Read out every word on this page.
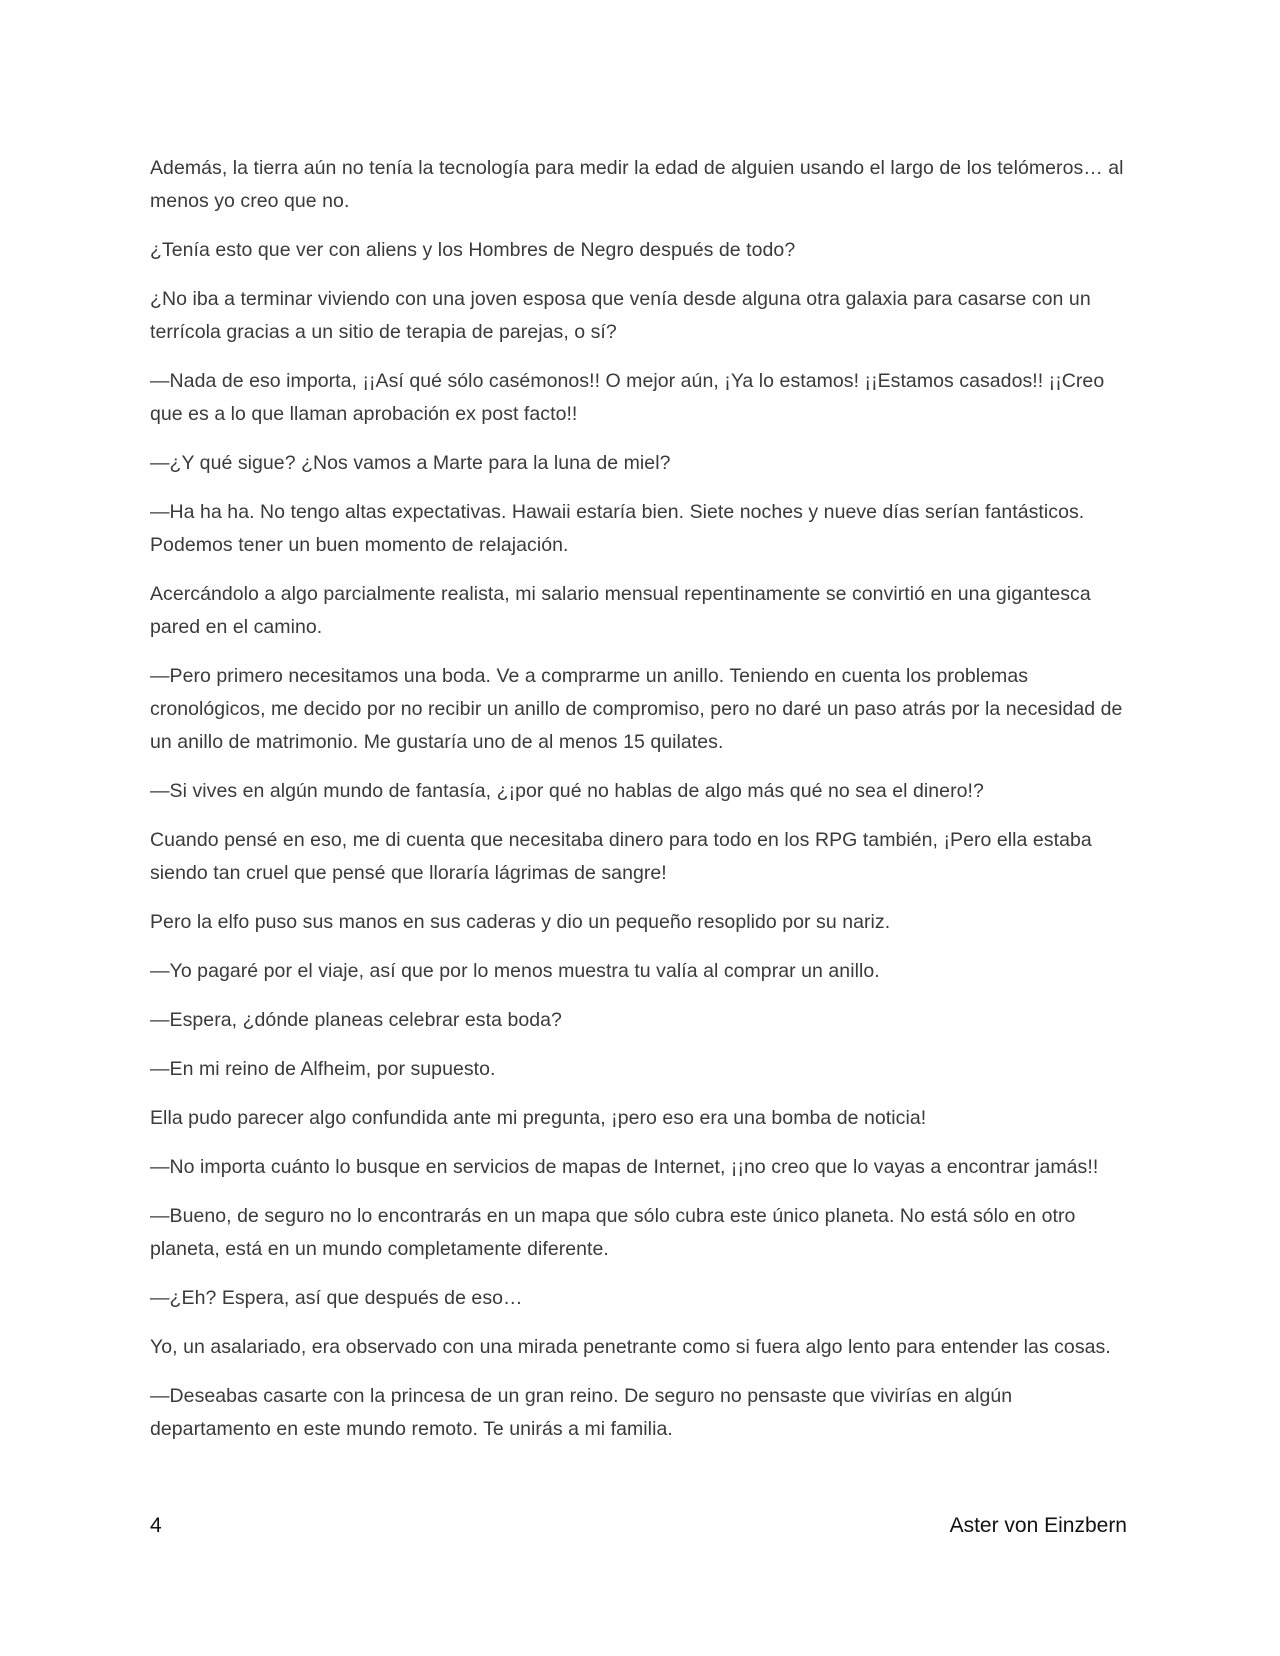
Además, la tierra aún no tenía la tecnología para medir la edad de alguien usando el largo de los telómeros… al menos yo creo que no.

¿Tenía esto que ver con aliens y los Hombres de Negro después de todo?

¿No iba a terminar viviendo con una joven esposa que venía desde alguna otra galaxia para casarse con un terrícola gracias a un sitio de terapia de parejas, o sí?

—Nada de eso importa, ¡¡Así qué sólo casémonos!! O mejor aún, ¡Ya lo estamos! ¡¡Estamos casados!! ¡¡Creo que es a lo que llaman aprobación ex post facto!!

—¿Y qué sigue? ¿Nos vamos a Marte para la luna de miel?

—Ha ha ha. No tengo altas expectativas. Hawaii estaría bien. Siete noches y nueve días serían fantásticos. Podemos tener un buen momento de relajación.

Acercándolo a algo parcialmente realista, mi salario mensual repentinamente se convirtió en una gigantesca pared en el camino.

—Pero primero necesitamos una boda. Ve a comprarme un anillo. Teniendo en cuenta los problemas cronológicos, me decido por no recibir un anillo de compromiso, pero no daré un paso atrás por la necesidad de un anillo de matrimonio. Me gustaría uno de al menos 15 quilates.

—Si vives en algún mundo de fantasía, ¿¡por qué no hablas de algo más qué no sea el dinero!?

Cuando pensé en eso, me di cuenta que necesitaba dinero para todo en los RPG también, ¡Pero ella estaba siendo tan cruel que pensé que lloraría lágrimas de sangre!

Pero la elfo puso sus manos en sus caderas y dio un pequeño resoplido por su nariz.

—Yo pagaré por el viaje, así que por lo menos muestra tu valía al comprar un anillo.

—Espera, ¿dónde planeas celebrar esta boda?

—En mi reino de Alfheim, por supuesto.

Ella pudo parecer algo confundida ante mi pregunta, ¡pero eso era una bomba de noticia!

—No importa cuánto lo busque en servicios de mapas de Internet, ¡¡no creo que lo vayas a encontrar jamás!!

—Bueno, de seguro no lo encontrarás en un mapa que sólo cubra este único planeta. No está sólo en otro planeta, está en un mundo completamente diferente.

—¿Eh? Espera, así que después de eso…

Yo, un asalariado, era observado con una mirada penetrante como si fuera algo lento para entender las cosas.

—Deseabas casarte con la princesa de un gran reino. De seguro no pensaste que vivirías en algún departamento en este mundo remoto. Te unirás a mi familia.

4	Aster von Einzbern
